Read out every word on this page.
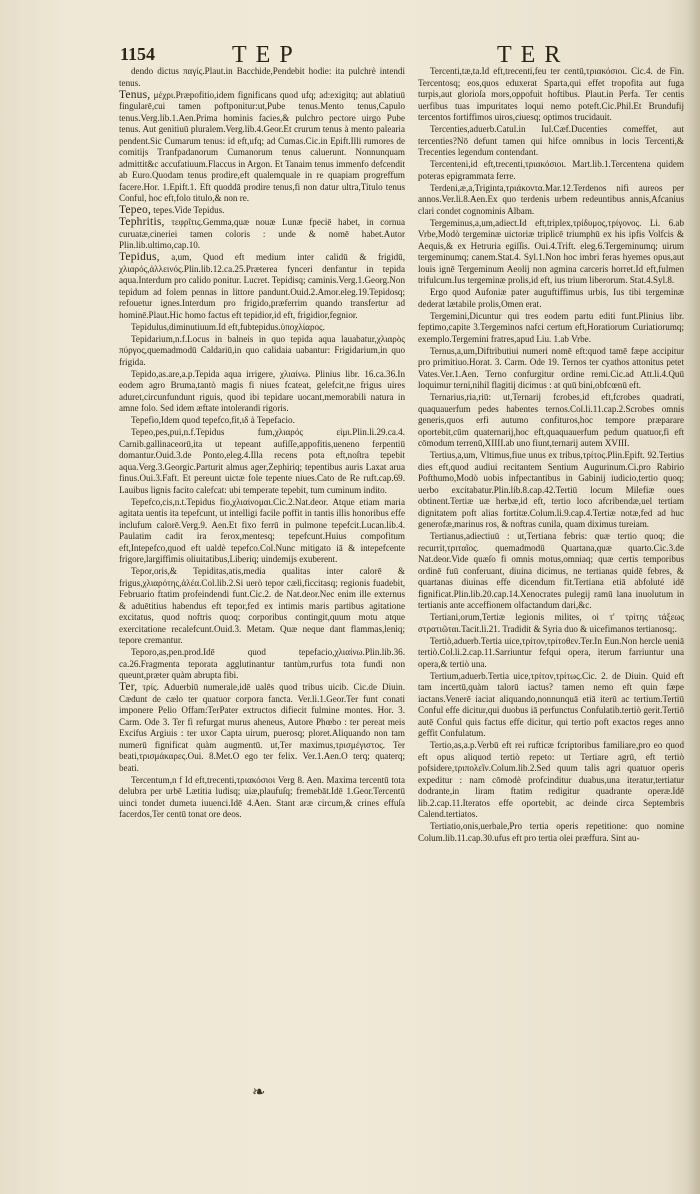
1154	TEP	TER

dendo dictus παγίς.Plaut.in Bacchide,Pendebit hodie: ita pulchrè intendi tenus.

Tenus, μέχρι.Præpofitio,idem fignificans quod ufq; ad:exigitq; aut ablatiuū fingularē,cui tamen poftponitur:ut,Pube tenus.Mento tenus,Capulo tenus.Verg.lib.1.Aen.Prima hominis facies,& pulchro pectore uirgo Pube tenus. Aut genitiuū pluralem.Verg.lib.4.Geor.Et crurum tenus à mento palearia pendent.Sic Cumarum tenus: id eft,ufq; ad Cumas.Cic.in Epift.Illi rumores de comitijs Tranfpadanorum Cumanorum tenus caluerunt. Nonnunquam admittit&c accufatiuum.Flaccus in Argon. Et Tanaim tenus immenfo defcendit ab Euro.Quodam tenus prodire,eft qualemquale in re quapiam progreffum facere.Hor. 1.Epift.1. Eft quoddā prodire tenus,fi non datur ultra,Titulo tenus Conful, hoc eft,folo titulo,& non re.

Tepeo, tepes.Vide Tepidus.

Tephritis, τεφρῖτις.Gemma,quæ nouæ Lunæ fpeciē habet, in cornua curuatæ,cineriei tamen coloris : unde & nomē habet.Autor Plin.lib.ultimo,cap.10.

Tepidus, a,um, Quod eft medium inter calidū & frigidū, χλιαρός,ἀλλεινός.Plin.lib.12.ca.25.Præterea fynceri denfantur in tepida aqua.Interdum pro calido ponitur. Lucret. Tepidisq; caminis.Verg.1.Georg.Non tepidum ad folem pennas in littore pandunt.Ouid.2.Amor.eleg.19.Tepidosq; refouetur ignes.Interdum pro frigido,præferrim quando transfertur ad hominē.Plaut.Hic homo factus eft tepidior,id eft, frigidior,fegnior.

Tepidulus,diminutiuum.Id eft,fubtepidus.ὑποχλίαρος.

Tepidarium,n.f.Locus in balneis in quo tepida aqua lauabatur,χλιαρὸς πύργος,quemadmodū Caldariū,in quo calidaia uabantur: Frigidarium,in quo frigida.

Tepido,as.are,a.p.Tepida aqua irrigere, χλιαίνω. Plinius libr. 16.ca.36.In eodem agro Bruma,tantò magis fi niues fcateat, gelefcit,ne frigus uires aduret,circunfundunt riguis, quod ibi tepidare uocant,memorabili natura in amne folo. Sed idem æftate intolerandi rigoris.

Tepefio,Idem quod tepefco,fit,ιδ à Tepefacio.

Tepeo,pes,pui,n.f.Tepidus fum,χλιαρός εἰμι.Plin.li.29.ca.4. Carnib.gallinaceorū,ita ut tepeant aufiſſe,appofitis,ueneno ferpentiū domantur.Ouid.3.de Ponto,eleg.4.Illa recens pota eft,noſtra tepebit aqua.Verg.3.Georgic.Parturit almus ager,Zephiriq; tepentibus auris Laxat arua finus.Oui.3.Faft. Et pereunt uictæ fole tepente niues.Cato de Re ruft.cap.69. Lauibus lignis facito calefcat: ubi temperate tepebit, tum cuminum indito.

Tepefco,cis,n.t.Tepidus fio,χλιαίνομαι.Cic.2.Nat.deor. Atque etiam maria agitata uentis ita tepefcunt, ut intelligi facile poffit in tantis illis honoribus effe inclufum calorē.Verg.9. Aen.Et fixo ferrū in pulmone tepefcit.Lucan.lib.4. Paulatim cadit ira ferox,mentesq; tepefcunt.Huius compofitum eft,Intepefco,quod eft ualdè tepefco.Col.Nunc mitigato iā & intepefcente frigore,largiffimis oliuitatibus,Liberiq; uindemijs exuberent.

Tepor,oris,& Tepiditas,atis,media qualitas inter calorē & frigus,χλιαρότης,ἀλέα.Col.lib.2.Si uerò tepor cæli,ficcitasq; regionis fuadebit, Februario ftatim profeindendi funt.Cic.2. de Nat.deor.Nec enim ille externus & aduētitius habendus eft tepor,fed ex intimis maris partibus agitatione excitatus, quod noftris quoq; corporibus contingit,quum motu atque exercitatione recalefcunt.Ouid.3. Metam. Quæ neque dant flammas,leniq; tepore cremantur.

Teporo,as,pen.prod.Idē quod tepefacio,χλιαίνω.Plin.lib.36. ca.26.Fragmenta teporata agglutinantur tantùm,rurfus tota fundi non queunt,præter quàm abrupta fibi.

Ter, τρίς. Aduerbiū numerale,idē ualēs quod tribus uicib. Cic.de Diuin. Cædunt de cælo ter quatuor corpora fancta. Ver.li.1.Geor.Ter funt conati imponere Pelio Offam:TerPater extructos difiecit fulmine montes. Hor. 3. Carm. Ode 3. Ter fi refurgat murus aheneus, Autore Phœbo : ter pereat meis Excifus Argiuis : ter uxor Capta uirum, puerosq; ploret.Aliquando non tam numerū fignificat quàm augmentū. ut,Ter maximus,τρισμέγιστος. Ter beati,τρισμάκαρες.Oui. 8.Met.O ego ter felix. Ver.1.Aen.O terq; quaterq; beati.

Tercentum,n f Id eft,trecenti,τριακόσιοι Verg 8. Aen. Maxima tercentū tota delubra per urbē Lætitia ludisq; uiæ,plaufuſq; fremebāt.Idē 1.Geor.Tercentū uinci tondet dumeta iuuenci.Idē 4.Aen. Stant aræ circum,& crines effuſa facerdos,Ter centū tonat ore deos.

Tercenti,tæ,ta.Id eft,trecenti,feu ter centū,τριακόσιοι. Cic.4. de Fin. Tercentosq; eos,quos eduxerat Sparta,qui effet tropofita aut fuga turpis,aut glorioſa mors,oppofuit hoftibus. Plaut.in Perfa. Ter centis uerfibus tuas impuritates loqui nemo poteft.Cic.Phil.Et Brundufij tercentos fortiffimos uiros,ciuesq; optimos trucidauit.

Tercenties,aduerb.Catul.in Iul.Cæf.Ducenties comeffet, aut tercenties?Nō defunt tamen qui hifce omnibus in locis Tercenti,& Trecenties legendum contendant.

Tercenteni,id eft,trecenti,τριακόσιοι. Mart.lib.1.Tercentena quidem poteras epigrammata ferre.

Terdeni,æ,a,Triginta,τριάκοντα.Mar.12.Terdenos nifi aureos per annos.Ver.li.8.Aen.Ex quo terdenis urbem redeuntibus annis,Afcanius clari condet cognominis Albam.

Tergeminus,a,um,adiect.Id eft,triplex,τρίδυμος,τρίγονος. Li. 6.ab Vrbe,Modò tergeminæ uictoriæ triplicē triumphū ex his ipfis Volfcis & Aequis,& ex Hetruria egiſſis. Oui.4.Trift. eleg.6.Tergeminumq; uirum tergeminumq; canem.Stat.4. Syl.1.Non hoc imbri feras hyemes opus,aut louis ignē Tergeminum Aeolij non agmina carceris horret.Id eft,fulmen trifulcum.Ius tergeminæ prolis,id eft, ius trium liberorum. Stat.4.Syl.8.

Ergo quod Aufoniæ pater auguftiffimus urbis, Ius tibi tergeminæ dederat lætabile prolis,Omen erat.

Tergemini,Dicuntur qui tres eodem partu editi funt.Plinius libr. feptimo,capite 3.Tergeminos nafci certum eft,Horatiorum Curiatiorumq; exemplo.Tergemini fratres,apud Liu. 1.ab Vrbe.

Ternus,a,um,Diftributiui numeri nomē eft:quod tamē fæpe accipitur pro primitiuo.Horat. 3. Carm. Ode 19. Ternos ter cyathos attonitus petet Vates.Ver.1.Aen. Terno confurgitur ordine remi.Cic.ad Att.li.4.Quū loquimur terni,nihil flagitij dicimus : at quū bini,obfcœnū eft.

Ternarius,ria,riū: ut,Ternarij fcrobes,id eft,fcrobes quadrati, quaquauerfum pedes habentes ternos.Col.li.11.cap.2.Scrobes omnis generis,quos erfi autumo confituros,hoc tempore præparare oportebit,cūm quaternarij,hoc eft,quaquauerfum pedum quatuor,fi eft cōmodum terrenū,XIIII.ab uno fiunt,ternarij autem XVIII.

Tertius,a,um, Vltimus,fiue unus ex tribus,τρίτος.Plin.Epift. 92.Tertius dies eft,quod audiui recitantem Sentium Augurinum.Ci.pro Rabirio Pofthumo,Modò uobis infpectantibus in Gabinij iudicio,tertio quoq; uerbo excitabatur.Plin.lib.8.cap.42.Tertiū locum Milefiæ oues obtinent.Tertiæ uæ herbæ,id eft, tertio loco afcribendæ,uel tertiam dignitatem poft alias fortitæ.Colum.li.9.cap.4.Tertiæ notæ,fed ad huc generofæ,marinus ros, & noftras cunila, quam diximus tureiam.

Tertianus,adiectiuū : ut,Tertiana febris: quæ tertio quoq; die recurrit,τριταῖος. quemadmodū Quartana,quæ quarto.Cic.3.de Nat.deor.Vide quæſo fi omnis motus,omniaq; quæ certis temporibus ordinē fuū conferuant, diuina dicimus, ne tertianas quidē febres, & quartanas diuinas effe dicendum fit.Tertiana etiā abfoluté idē fignificat.Plin.lib.20.cap.14.Xenocrates pulegij ramū lana inuolutum in tertianis ante acceffionem olfactandum dari,&c.

Tertiani,orum,Tertiæ legionis milites, οἱ τ' τρίτης τάξεως στρατιῶται.Tacit.li.21. Tradidit & Syria duo & uicefimanos tertianosq;.

Tertiò,aduerb.Tertia uice,τρίτον,τρίτοθεν.Ter.In Eun.Non hercle ueniā tertiò.Col.li.2.cap.11.Sarriuntur fefqui opera, iterum farriuntur una opera,& tertiò una.

Tertium,aduerb.Tertia uice,τρίτον,τρίτως.Cic. 2. de Diuin. Quid eft tam incertū,quàm talorū iactus? tamen nemo eft quin fæpe iactans.Venerē iaciat aliquando,nonnunquā etiā iterū ac tertium.Tertiū Conful effe dicitur,qui duobus iā perfunctus Confulatib.tertiò gerit.Tertiō autē Conful quis factus effe dicitur, qui tertio poft exactos reges anno geffit Confulatum.

Tertio,as,a.p.Verbū eft rei rufticæ fcriptoribus familiare,pro eo quod eft opus aliquod tertiò repeto: ut Tertiare agrū, eft tertiò pofsidere,τριπολεῖν.Colum.lib.2.Sed quum talis agri quatuor operis expeditur : nam cōmodè profcinditur duabus,una iteratur,tertiatur dodrante,in liram ftatim redigitur quadrante operæ.Idē lib.2.cap.11.Iteratos effe oportebit, ac deinde circa Septembris Calend.tertiatos.

Tertiatio,onis,uerbale,Pro tertia operis repetitione: quo nomine Colum.lib.11.cap.30.ufus eft pro tertia olei præffura. Sint au-

❧
